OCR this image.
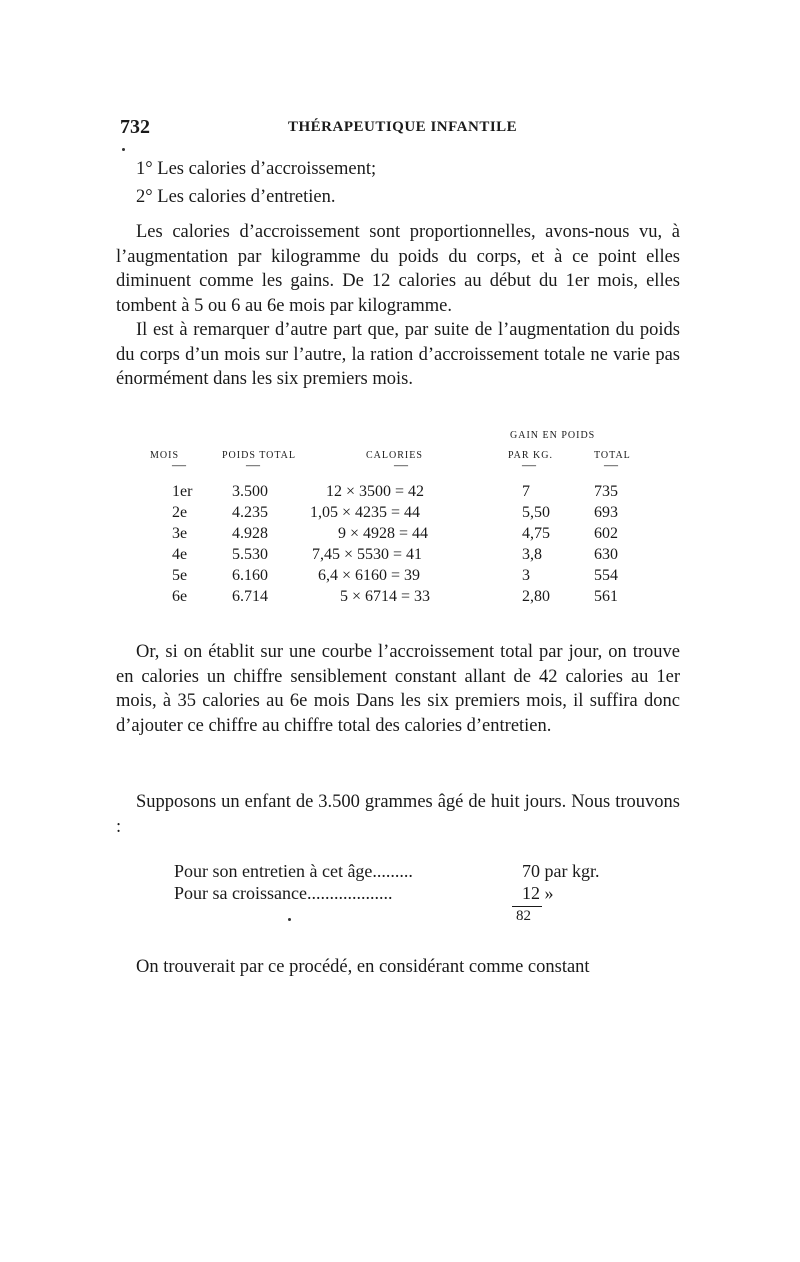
732	THÉRAPEUTIQUE INFANTILE
1° Les calories d’accroissement;
2° Les calories d’entretien.

Les calories d’accroissement sont proportionnelles, avons-nous vu, à l’augmentation par kilogramme du poids du corps, et à ce point elles diminuent comme les gains. De 12 calories au début du 1er mois, elles tombent à 5 ou 6 au 6e mois par kilogramme.

Il est à remarquer d’autre part que, par suite de l’augmentation du poids du corps d’un mois sur l’autre, la ration d’accroissement totale ne varie pas énormément dans les six premiers mois.

GAIN EN POIDS
MOIS	POIDS TOTAL	CALORIES	PAR KG.	TOTAL
—	—	—	—	—
1er 3.500	12 × 3500 = 42	7	735
2e	4.235	1,05 × 4235 = 44	5,50	693
3e	4.928	9 × 4928 = 44	4,75	602
4e	5.530	7,45 × 5530 = 41	3,8	630
5e	6.160	6,4 × 6160 = 39	3	554
6e	6.714	5 × 6714 = 33	2,80	561

Or, si on établit sur une courbe l’accroissement total par jour, on trouve en calories un chiffre sensiblement constant allant de 42 calories au 1er mois, à 35 calories au 6e mois Dans les six premiers mois, il suffira donc d’ajouter ce chiffre au chiffre total des calories d’entretien.

Supposons un enfant de 3.500 grammes âgé de huit jours. Nous trouvons :

Pour son entretien à cet âge.........	70 par kgr.
Pour sa croissance...................	12 »
82

On trouverait par ce procédé, en considérant comme constant
